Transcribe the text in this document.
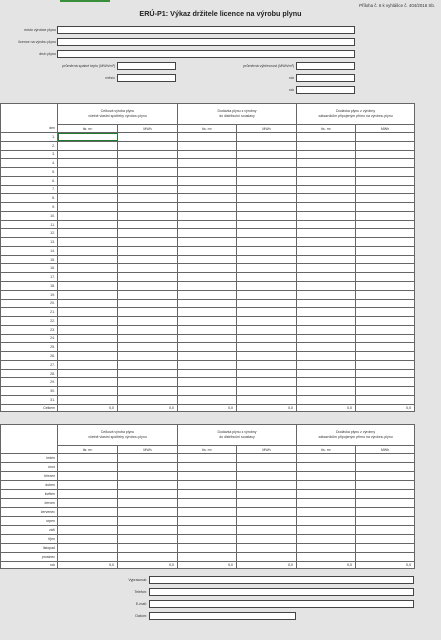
Příloha č. 6 k vyhlášce č. 404/2016 Sb.
ERÚ-P1: Výkaz držitele licence na výrobu plynu
místo výrobce plynu
licence na výrobu plynu
druh plynu
průměrná spalné teplo (MWh/m³)
měsíc
průměrná výhřevnost (MWh/m³)
rok
rok
den	Celková výroba plynu
včetně vlastní spotřeby výrobou plynu		Dodávka plynu z výrobny
do distribuční soustavy		Dodávka plynu z výrobny
zákazníkům připojeným přímo na výrobnu plynu	
	tis. m³	MWh	tis. m³	MWh	tis. m³	MWh
1.						
2.						
3.						
4.						
5.						
6.						
7.						
8.						
9.						
10.						
11.						
12.						
13.						
14.						
15.						
16.						
17.						
18.						
19.						
20.						
21.						
22.						
23.						
24.						
25.						
26.						
27.						
28.						
29.						
30.						
31.						
Celkem	0,0	0,0	0,0	0,0	0,0	0,0
	Celková výroba plynu
včetně vlastní spotřeby výrobou plynu		Dodávka plynu z výrobny
do distribuční soustavy		Dodávka plynu z výrobny
zákazníkům připojeným přímo na výrobnu plynu	
	tis. m³	MWh	tis. m³	MWh	tis. m³	MWh
leden						
únor						
březen						
duben						
květen						
červen						
červenec						
srpen						
září						
říjen						
listopad						
prosinec						
rok	0,0	0,0	0,0	0,0	0,0	0,0
Vypracoval:
Telefon:
E-mail:
Datum:
